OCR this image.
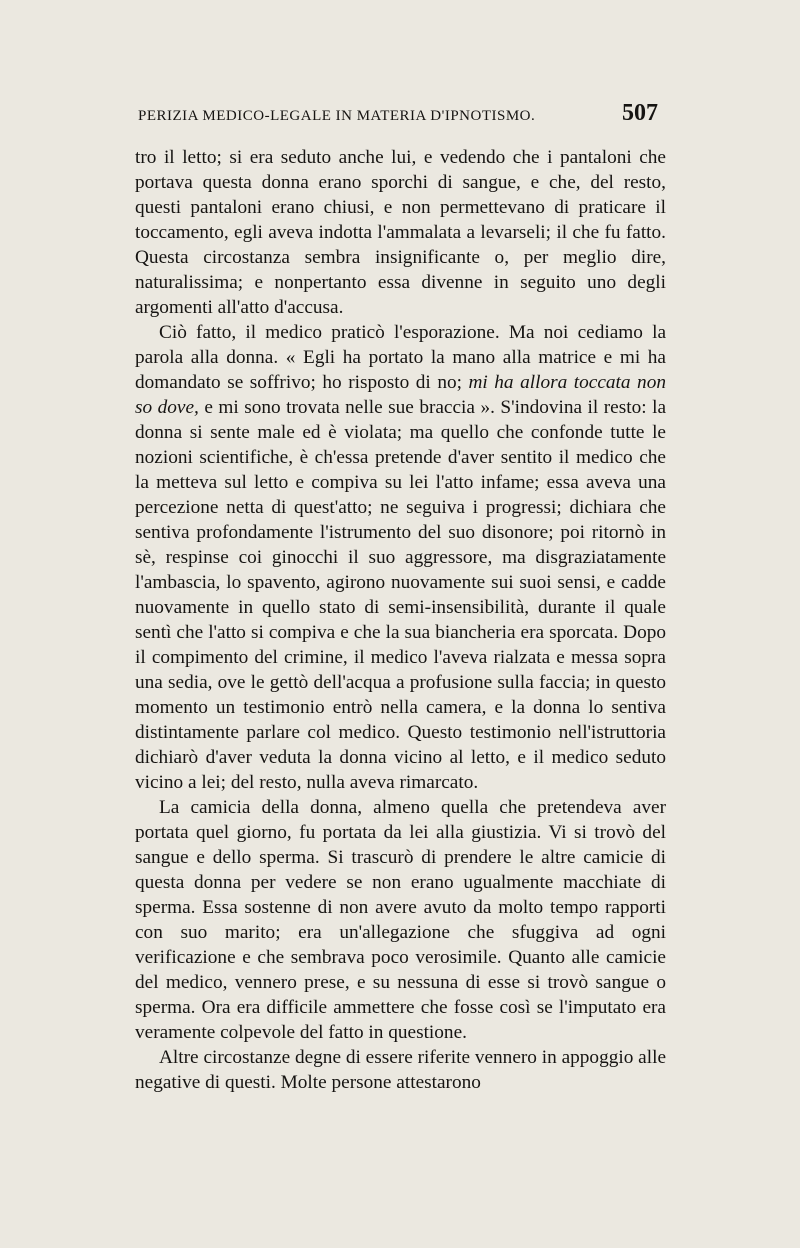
PERIZIA MEDICO-LEGALE IN MATERIA D'IPNOTISMO.	507

tro il letto; si era seduto anche lui, e vedendo che i pantaloni che portava questa donna erano sporchi di sangue, e che, del resto, questi pantaloni erano chiusi, e non permettevano di praticare il toccamento, egli aveva indotta l'ammalata a levarseli; il che fu fatto. Questa circostanza sembra insignificante o, per meglio dire, naturalissima; e nonpertanto essa divenne in seguito uno degli argomenti all'atto d'accusa.

Ciò fatto, il medico praticò l'esporazione. Ma noi cediamo la parola alla donna. « Egli ha portato la mano alla matrice e mi ha domandato se soffrivo; ho risposto di no; mi ha allora toccata non so dove, e mi sono trovata nelle sue braccia ». S'indovina il resto: la donna si sente male ed è violata; ma quello che confonde tutte le nozioni scientifiche, è ch'essa pretende d'aver sentito il medico che la metteva sul letto e compiva su lei l'atto infame; essa aveva una percezione netta di quest'atto; ne seguiva i progressi; dichiara che sentiva profondamente l'istrumento del suo disonore; poi ritornò in sè, respinse coi ginocchi il suo aggressore, ma disgraziatamente l'ambascia, lo spavento, agirono nuovamente sui suoi sensi, e cadde nuovamente in quello stato di semi-insensibilità, durante il quale sentì che l'atto si compiva e che la sua biancheria era sporcata. Dopo il compimento del crimine, il medico l'aveva rialzata e messa sopra una sedia, ove le gettò dell'acqua a profusione sulla faccia; in questo momento un testimonio entrò nella camera, e la donna lo sentiva distintamente parlare col medico. Questo testimonio nell'istruttoria dichiarò d'aver veduta la donna vicino al letto, e il medico seduto vicino a lei; del resto, nulla aveva rimarcato.

La camicia della donna, almeno quella che pretendeva aver portata quel giorno, fu portata da lei alla giustizia. Vi si trovò del sangue e dello sperma. Si trascurò di prendere le altre camicie di questa donna per vedere se non erano ugualmente macchiate di sperma. Essa sostenne di non avere avuto da molto tempo rapporti con suo marito; era un'allegazione che sfuggiva ad ogni verificazione e che sembrava poco verosimile. Quanto alle camicie del medico, vennero prese, e su nessuna di esse si trovò sangue o sperma. Ora era difficile ammettere che fosse così se l'imputato era veramente colpevole del fatto in questione.

Altre circostanze degne di essere riferite vennero in appoggio alle negative di questi. Molte persone attestarono
